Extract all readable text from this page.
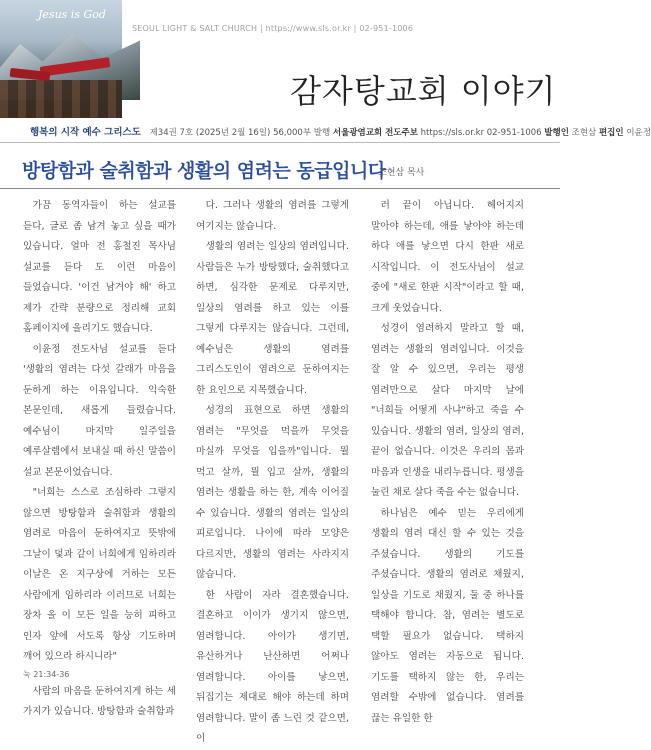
Jesus is God
SEOUL LIGHT & SALT CHURCH | https://www.sls.or.kr | 02-951-1006
감자탕교회 이야기
행복의 시작 예수 그리스도 제34권 7호 (2025년 2월 16일) 56,000부 발행 서울광염교회 전도주보 https://sls.or.kr 02-951-1006 발행인 조현삼 편집인 이윤정
방탕함과 술취함과 생활의 염려는 동급입니다
조현삼 목사

가끔 동역자들이 하는 설교를 듣다, 글로 좀 남겨 놓고 싶을 때가 있습니다. 얼마 전 홍철진 목사님 설교를 듣다 도 이런 마음이 들었습니다. '이건 남겨야 해' 하고 제가 간략 분량으로 정리해 교회 홈페이지에 올리기도 했습니다.

이윤정 전도사님 설교를 듣다 '생활의 염려는 다섯 갈래가 마음을 둔하게 하는 이유입니다. 익숙한 본문인데, 새롭게 들렸습니다. 예수님이 마지막 일주일을 예루살렘에서 보내실 때 하신 말씀이 설교 본문이었습니다.

"너희는 스스로 조심하라 그렇지 않으면 방탕함과 술취함과 생활의 염려로 마음이 둔하여지고 뜻밖에 그날이 덫과 같이 너희에게 임하리라 이날은 온 지구상에 거하는 모든 사람에게 임하리라 이러므로 너희는 장차 올 이 모든 일을 능히 피하고 인자 앞에 서도록 항상 기도하며 깨어 있으라 하시니라"

눅 21:34-36

사람의 마음을 둔하여지게 하는 세 가지가 있습니다. 방탕함과 술취함과

다. 그러나 생활의 염려를 그렇게 여기지는 않습니다.

생활의 염려는 일상의 염려입니다. 사람들은 누가 방탕했다, 술취했다고 하면, 심각한 문제로 다루지만, 일상의 염려를 하고 있는 이를 그렇게 다루지는 않습니다. 그런데, 예수님은 생활의 염려를 그리스도인이 염려으로 둔하여지는 한 요인으로 지목했습니다.

성경의 표현으로 하면 생활의 염려는 "무엇을 먹을까 무엇을 마실까 무엇을 입을까"입니다. 뭘 먹고 살까, 뭘 입고 살까, 생활의 염려는 생활을 하는 한, 계속 이어질 수 있습니다. 생활의 염려는 일상의 피로입니다. 나이에 따라 모양은 다르지만, 생활의 염려는 사라지지 않습니다.

한 사람이 자라 결혼했습니다. 결혼하고 이이가 생기지 않으면, 염려합니다. 아이가 생기면, 유산하거나 난산하면 어쩌나 염려합니다. 아이를 낳으면, 뒤집기는 제대로 해야 하는데 하며 염려합니다. 말이 좀 느린 것 같으면, 이

러 끝이 아닙니다. 헤어지지 말아야 하는데, 애를 낳아야 하는데 하다 애를 낳으면 다시 한판 새로 시작입니다. 이 전도사님이 설교 중에 "새로 한판 시작"이라고 할 때, 크게 웃었습니다.

성경이 염려하지 말라고 할 때, 염려는 생활의 염려입니다. 이것을 잘 알 수 있으면, 우리는 평생 염려만으로 살다 마지막 날에 "너희들 어떻게 사냐"하고 죽을 수 있습니다. 생활의 염려, 일상의 염려, 끝이 없습니다. 이것은 우리의 몸과 마음과 인생을 내리누릅니다. 평생을 눌린 채로 살다 죽을 수는 없습니다.

하나님은 예수 믿는 우리에게 생활의 염려 대신 할 수 있는 것을 주셨습니다. 생활의 기도를 주셨습니다. 생활의 염려로 채웠지, 일상을 기도로 채웠지, 둘 중 하나를 택해야 합니다. 참, 염려는 별도로 택할 필요가 없습니다. 택하지 않아도 염려는 자동으로 됩니다. 기도를 택하지 않는 한, 우리는 염려할 수밖에 없습니다. 염려를 끊는 유일한 한
